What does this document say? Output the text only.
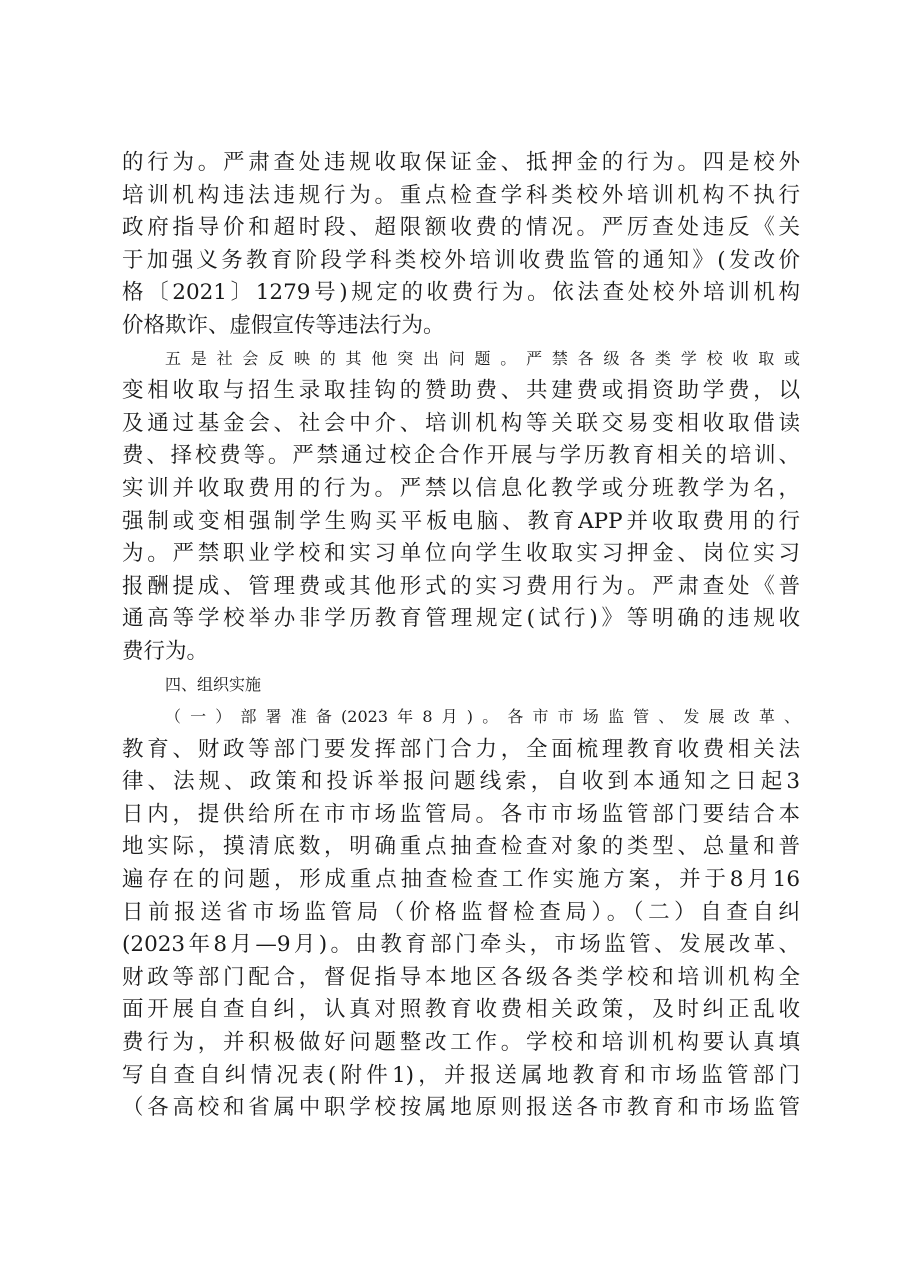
的行为。严肃查处违规收取保证金、抵押金的行为。四是校外
培训机构违法违规行为。重点检查学科类校外培训机构不执行
政府指导价和超时段、超限额收费的情况。严厉查处违反《关
于加强义务教育阶段学科类校外培训收费监管的通知》(发改价
格〔2021〕1279号)规定的收费行为。依法查处校外培训机构
价格欺诈、虚假宣传等违法行为。
五是社会反映的其他突出问题。严禁各级各类学校收取或
变相收取与招生录取挂钩的赞助费、共建费或捐资助学费，以
及通过基金会、社会中介、培训机构等关联交易变相收取借读
费、择校费等。严禁通过校企合作开展与学历教育相关的培训、
实训并收取费用的行为。严禁以信息化教学或分班教学为名，
强制或变相强制学生购买平板电脑、教育APP并收取费用的行
为。严禁职业学校和实习单位向学生收取实习押金、岗位实习
报酬提成、管理费或其他形式的实习费用行为。严肃查处《普
通高等学校举办非学历教育管理规定(试行)》等明确的违规收
费行为。
四、组织实施
（一）部署准备(2023年8月)。各市市场监管、发展改革、
教育、财政等部门要发挥部门合力，全面梳理教育收费相关法
律、法规、政策和投诉举报问题线索，自收到本通知之日起3
日内，提供给所在市市场监管局。各市市场监管部门要结合本
地实际，摸清底数，明确重点抽查检查对象的类型、总量和普
遍存在的问题，形成重点抽查检查工作实施方案，并于8月16
日前报送省市场监管局（价格监督检查局）。（二）自查自纠
(2023年8月—9月)。由教育部门牵头，市场监管、发展改革、
财政等部门配合，督促指导本地区各级各类学校和培训机构全
面开展自查自纠，认真对照教育收费相关政策，及时纠正乱收
费行为，并积极做好问题整改工作。学校和培训机构要认真填
写自查自纠情况表(附件1)，并报送属地教育和市场监管部门
（各高校和省属中职学校按属地原则报送各市教育和市场监管
